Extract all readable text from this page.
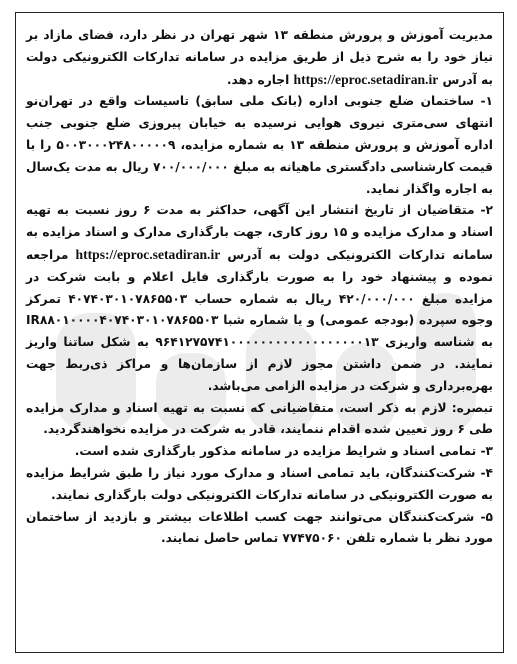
مدیریت آموزش و پرورش منطقه ۱۳ شهر تهران در نظر دارد، فضای مازاد بر نیاز خود را به شرح ذیل از طریق مزایده در سامانه تدارکات الکترونیکی دولت به آدرس https://eproc.setadiran.ir اجاره دهد.

۱- ساختمان ضلع جنوبی اداره (بانک ملی سابق) تاسیسات واقع در تهران‌نو انتهای سی‌متری نیروی هوایی نرسیده به خیابان پیروزی ضلع جنوبی جنب اداره آموزش و پرورش منطقه ۱۳ به شماره مزایده، ۵۰۰۳۰۰۰۲۴۸۰۰۰۰۰۹ را با قیمت کارشناسی دادگستری ماهیانه به مبلغ ۷۰۰/۰۰۰/۰۰۰ ریال به مدت یک‌سال به اجاره واگذار نماید.

۲- متقاضیان از تاریخ انتشار این آگهی، حداکثر به مدت ۶ روز نسبت به تهیه اسناد و مدارک مزایده و ۱۵ روز کاری، جهت بارگذاری مدارک و اسناد مزایده به سامانه تدارکات الکترونیکی دولت به آدرس https://eproc.setadiran.ir مراجعه نموده و پیشنهاد خود را به صورت بارگذاری فایل اعلام و بابت شرکت در مزایده مبلغ ۴۲۰/۰۰۰/۰۰۰ ریال به شماره حساب ۴۰۷۴۰۳۰۱۰۷۸۶۵۵۰۳ تمرکز وجوه سپرده (بودجه عمومی) و یا شماره شبا IR۸۸۰۱۰۰۰۰۴۰۷۴۰۳۰۱۰۷۸۶۵۵۰۳ به شناسه واریزی ۹۶۴۱۲۷۵۷۴۱۰۰۰۰۰۰۰۰۰۰۰۰۰۰۰۰۰۰۱۳ به شکل ساتنا واریز نمایند. در ضمن داشتن مجوز لازم از سازمان‌ها و مراکز ذی‌ربط جهت بهره‌برداری و شرکت در مزایده الزامی می‌باشد.

تبصره: لازم به ذکر است، متقاضیانی که نسبت به تهیه اسناد و مدارک مزایده طی ۶ روز تعیین شده اقدام ننمایند، قادر به شرکت در مزایده نخواهندگردید.

۳- تمامی اسناد و شرایط مزایده در سامانه مذکور بارگذاری شده است.

۴- شرکت‌کنندگان، باید تمامی اسناد و مدارک مورد نیاز را طبق شرایط مزایده به صورت الکترونیکی در سامانه تدارکات الکترونیکی دولت بارگذاری نمایند.

۵- شرکت‌کنندگان می‌توانند جهت کسب اطلاعات بیشتر و بازدید از ساختمان مورد نظر با شماره تلفن ۷۷۴۷۵۰۶۰ تماس حاصل نمایند.
